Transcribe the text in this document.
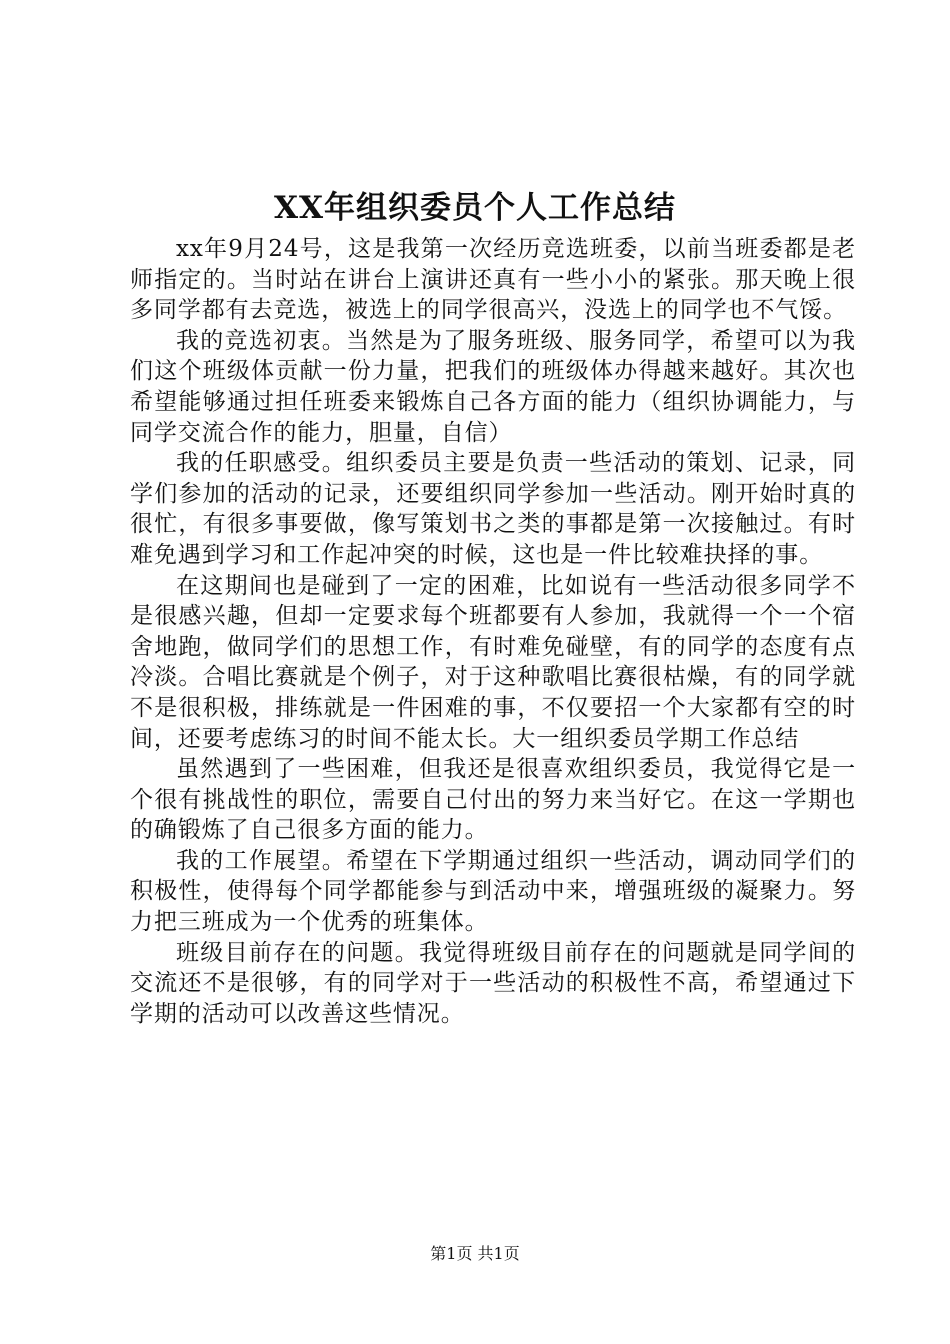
XX年组织委员个人工作总结

xx年9月24号，这是我第一次经历竞选班委，以前当班委都是老师指定的。当时站在讲台上演讲还真有一些小小的紧张。那天晚上很多同学都有去竞选，被选上的同学很高兴，没选上的同学也不气馁。

我的竞选初衷。当然是为了服务班级、服务同学，希望可以为我们这个班级体贡献一份力量，把我们的班级体办得越来越好。其次也希望能够通过担任班委来锻炼自己各方面的能力（组织协调能力，与同学交流合作的能力，胆量，自信）

我的任职感受。组织委员主要是负责一些活动的策划、记录，同学们参加的活动的记录，还要组织同学参加一些活动。刚开始时真的很忙，有很多事要做，像写策划书之类的事都是第一次接触过。有时难免遇到学习和工作起冲突的时候，这也是一件比较难抉择的事。

在这期间也是碰到了一定的困难，比如说有一些活动很多同学不是很感兴趣，但却一定要求每个班都要有人参加，我就得一个一个宿舍地跑，做同学们的思想工作，有时难免碰壁，有的同学的态度有点冷淡。合唱比赛就是个例子，对于这种歌唱比赛很枯燥，有的同学就不是很积极，排练就是一件困难的事，不仅要招一个大家都有空的时间，还要考虑练习的时间不能太长。大一组织委员学期工作总结

虽然遇到了一些困难，但我还是很喜欢组织委员，我觉得它是一个很有挑战性的职位，需要自己付出的努力来当好它。在这一学期也的确锻炼了自己很多方面的能力。

我的工作展望。希望在下学期通过组织一些活动，调动同学们的积极性，使得每个同学都能参与到活动中来，增强班级的凝聚力。努力把三班成为一个优秀的班集体。

班级目前存在的问题。我觉得班级目前存在的问题就是同学间的交流还不是很够，有的同学对于一些活动的积极性不高，希望通过下学期的活动可以改善这些情况。

第1页 共1页
